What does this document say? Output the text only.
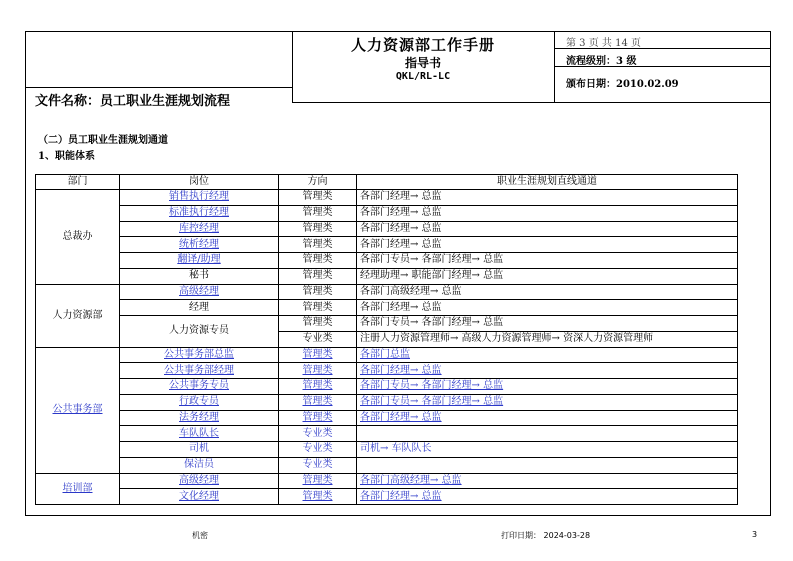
人力资源部工作手册
指导书
QKL/RL-LC
第 3 页 共 14 页
流程级别：3 级
颁布日期：2010.02.09
文件名称：员工职业生涯规划流程
（二）员工职业生涯规划通道
1、职能体系
部门	岗位	方向	职业生涯规划直线通道
总裁办	销售执行经理	管理类	各部门经理→ 总监
	标准执行经理	管理类	各部门经理→ 总监
	库控经理	管理类	各部门经理→ 总监
	统析经理	管理类	各部门经理→ 总监
	翻译/助理	管理类	各部门专员→ 各部门经理→ 总监
	秘书	管理类	经理助理→ 职能部门经理→ 总监
人力资源部	高级经理	管理类	各部门高级经理→ 总监
	经理	管理类	各部门经理→ 总监
	人力资源专员	管理类	各部门专员→ 各部门经理→ 总监
		专业类	注册人力资源管理师→ 高级人力资源管理师→ 资深人力资源管理师
公共事务部	公共事务部总监	管理类	各部门总监
	公共事务部经理	管理类	各部门经理→ 总监
	公共事务专员	管理类	各部门专员→ 各部门经理→ 总监
	行政专员	管理类	各部门专员→ 各部门经理→ 总监
	法务经理	管理类	各部门经理→ 总监
	车队队长	专业类	
	司机	专业类	司机→ 车队队长
	保洁员	专业类	
培训部	高级经理	管理类	各部门高级经理→ 总监
	文化经理	管理类	各部门经理→ 总监
机密	打印日期： 2024-03-28	3
